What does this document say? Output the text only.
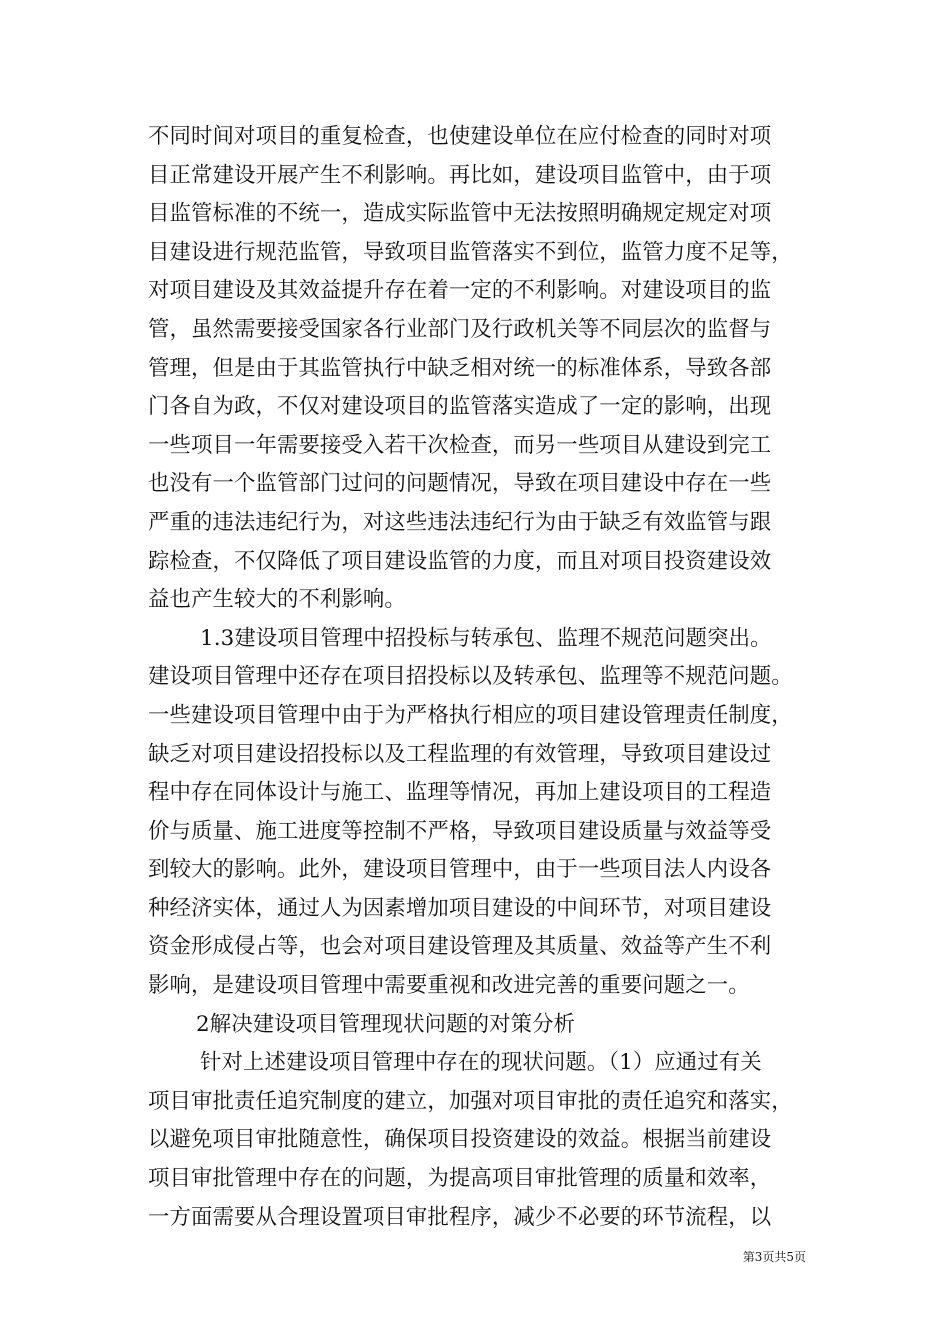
不同时间对项目的重复检查，也使建设单位在应付检查的同时对项
目正常建设开展产生不利影响。再比如，建设项目监管中，由于项
目监管标准的不统一，造成实际监管中无法按照明确规定规定对项
目建设进行规范监管，导致项目监管落实不到位，监管力度不足等，
对项目建设及其效益提升存在着一定的不利影响。对建设项目的监
管，虽然需要接受国家各行业部门及行政机关等不同层次的监督与
管理，但是由于其监管执行中缺乏相对统一的标准体系，导致各部
门各自为政，不仅对建设项目的监管落实造成了一定的影响，出现
一些项目一年需要接受入若干次检查，而另一些项目从建设到完工
也没有一个监管部门过问的问题情况，导致在项目建设中存在一些
严重的违法违纪行为，对这些违法违纪行为由于缺乏有效监管与跟
踪检查，不仅降低了项目建设监管的力度，而且对项目投资建设效
益也产生较大的不利影响。
1.3建设项目管理中招投标与转承包、监理不规范问题突出。
建设项目管理中还存在项目招投标以及转承包、监理等不规范问题。
一些建设项目管理中由于为严格执行相应的项目建设管理责任制度，
缺乏对项目建设招投标以及工程监理的有效管理，导致项目建设过
程中存在同体设计与施工、监理等情况，再加上建设项目的工程造
价与质量、施工进度等控制不严格，导致项目建设质量与效益等受
到较大的影响。此外，建设项目管理中，由于一些项目法人内设各
种经济实体，通过人为因素增加项目建设的中间环节，对项目建设
资金形成侵占等，也会对项目建设管理及其质量、效益等产生不利
影响，是建设项目管理中需要重视和改进完善的重要问题之一。
2解决建设项目管理现状问题的对策分析
针对上述建设项目管理中存在的现状问题。（1）应通过有关
项目审批责任追究制度的建立，加强对项目审批的责任追究和落实，
以避免项目审批随意性，确保项目投资建设的效益。根据当前建设
项目审批管理中存在的问题，为提高项目审批管理的质量和效率，
一方面需要从合理设置项目审批程序，减少不必要的环节流程，以
第3页共5页
